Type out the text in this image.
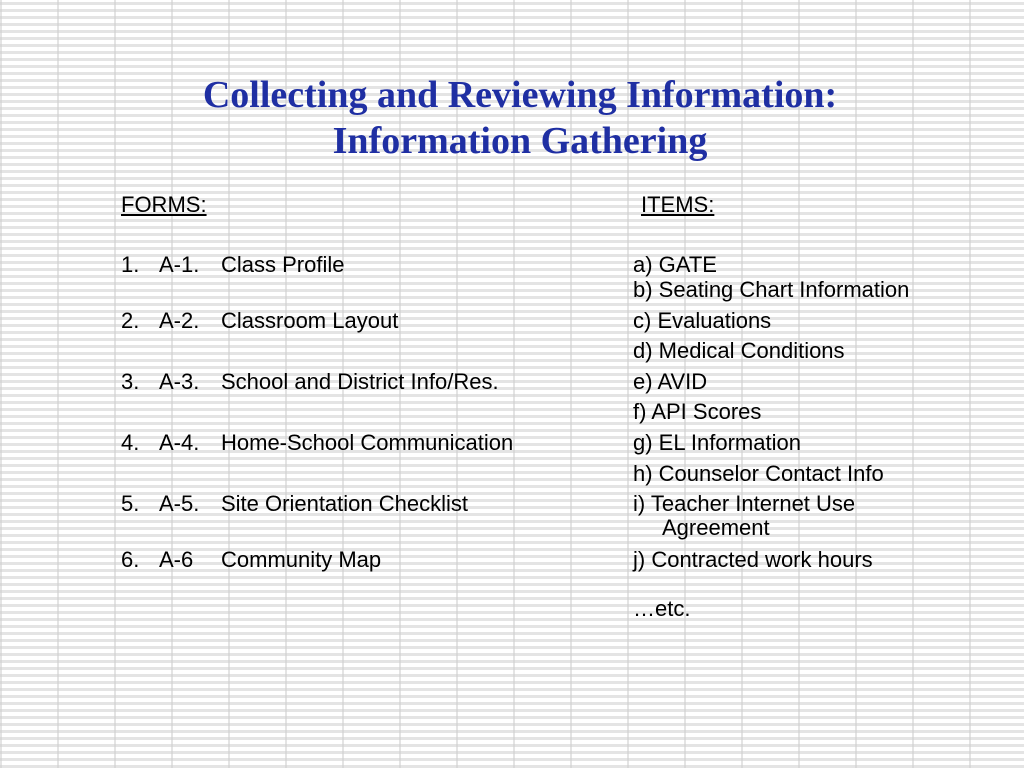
Collecting and Reviewing Information:
Information Gathering
FORMS:	ITEMS:
1. A-1. Class Profile
2. A-2. Classroom Layout
3. A-3. School and District Info/Res.
4. A-4. Home-School Communication
5. A-5. Site Orientation Checklist
6. A-6 Community Map
a) GATE
b) Seating Chart Information
c) Evaluations
d) Medical Conditions
e) AVID
f) API Scores
g) EL Information
h) Counselor Contact Info
i) Teacher Internet Use
Agreement
j) Contracted work hours
…etc.
